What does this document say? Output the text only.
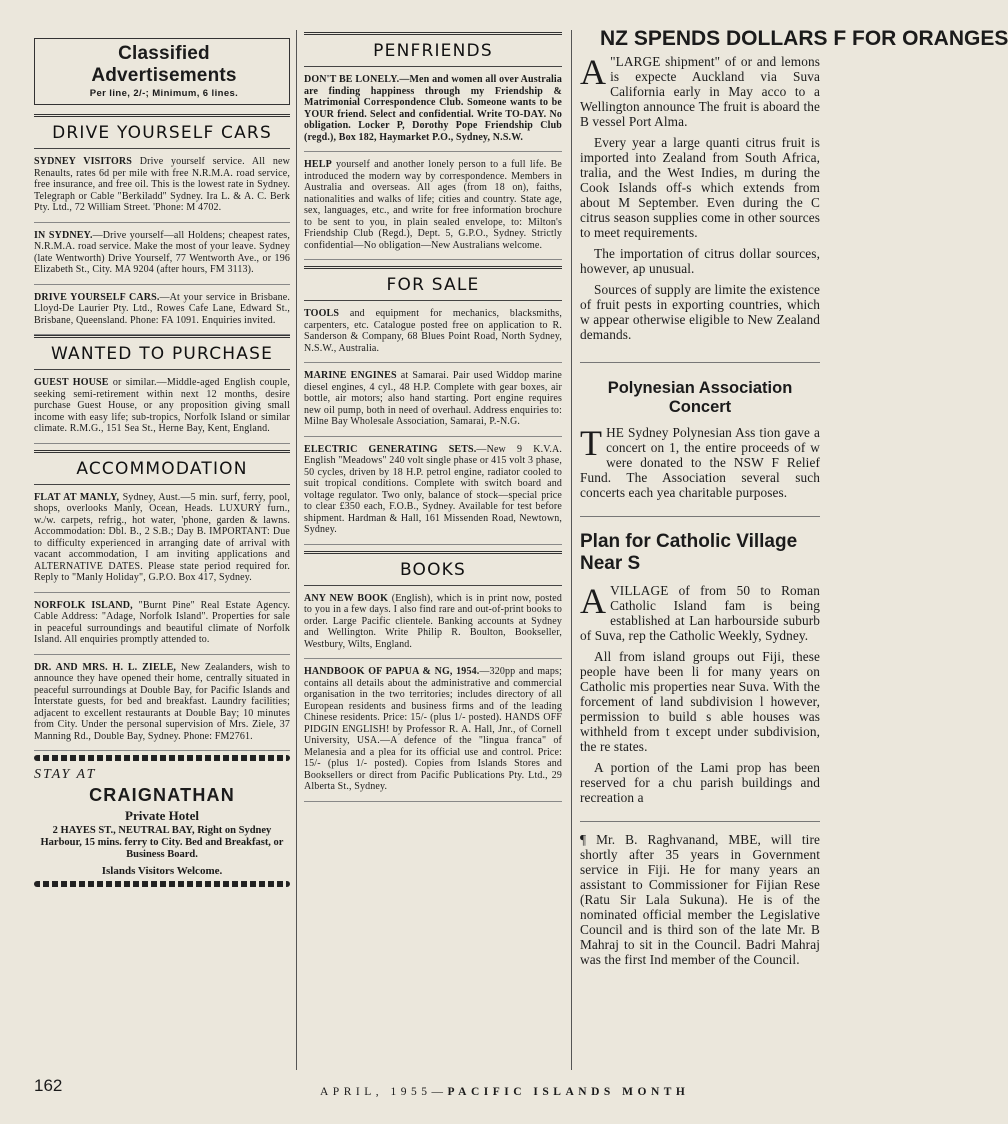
Classified Advertisements
Per line, 2/-; Minimum, 6 lines.
DRIVE YOURSELF CARS

SYDNEY VISITORS Drive yourself service. All new Renaults, rates 6d per mile with free N.R.M.A. road service, free insurance, and free oil. This is the lowest rate in Sydney. Telegraph or Cable "Berkiladd" Sydney. Ira L. & A. C. Berk Pty. Ltd., 72 William Street. 'Phone: M 4702.

IN SYDNEY.—Drive yourself—all Holdens; cheapest rates, N.R.M.A. road service. Make the most of your leave. Sydney (late Wentworth) Drive Yourself, 77 Wentworth Ave., or 196 Elizabeth St., City. MA 9204 (after hours, FM 3113).

DRIVE YOURSELF CARS.—At your service in Brisbane. Lloyd-De Laurier Pty. Ltd., Rowes Cafe Lane, Edward St., Brisbane, Queensland. Phone: FA 1091. Enquiries invited.

WANTED TO PURCHASE

GUEST HOUSE or similar.—Middle-aged English couple, seeking semi-retirement within next 12 months, desire purchase Guest House, or any proposition giving small income with easy life; sub-tropics, Norfolk Island or similar climate. R.M.G., 151 Sea St., Herne Bay, Kent, England.

ACCOMMODATION

FLAT AT MANLY, Sydney, Aust.—5 min. surf, ferry, pool, shops, overlooks Manly, Ocean, Heads. LUXURY furn., w./w. carpets, refrig., hot water, 'phone, garden & lawns. Accommodation: Dbl. B., 2 S.B.; Day B. IMPORTANT: Due to difficulty experienced in arranging date of arrival with vacant accommodation, I am inviting applications and ALTERNATIVE DATES. Please state period required for. Reply to "Manly Holiday", G.P.O. Box 417, Sydney.

NORFOLK ISLAND, "Burnt Pine" Real Estate Agency. Cable Address: "Adage, Norfolk Island". Properties for sale in peaceful surroundings and beautiful climate of Norfolk Island. All enquiries promptly attended to.

DR. AND MRS. H. L. ZIELE, New Zealanders, wish to announce they have opened their home, centrally situated in peaceful surroundings at Double Bay, for Pacific Islands and Interstate guests, for bed and breakfast. Laundry facilities; adjacent to excellent restaurants at Double Bay; 10 minutes from City. Under the personal supervision of Mrs. Ziele, 37 Manning Rd., Double Bay, Sydney. Phone: FM2761.

STAY AT
CRAIGNATHAN
Private Hotel
2 HAYES ST., NEUTRAL BAY, Right on Sydney Harbour, 15 mins. ferry to City. Bed and Breakfast, or Business Board.
Islands Visitors Welcome.
PENFRIENDS

DON'T BE LONELY.—Men and women all over Australia are finding happiness through my Friendship & Matrimonial Correspondence Club. Someone wants to be YOUR friend. Select and confidential. Write TO-DAY. No obligation. Locker P, Dorothy Pope Friendship Club (regd.), Box 182, Haymarket P.O., Sydney, N.S.W.

HELP yourself and another lonely person to a full life. Be introduced the modern way by correspondence. Members in Australia and overseas. All ages (from 18 on), faiths, nationalities and walks of life; cities and country. State age, sex, languages, etc., and write for free information brochure to be sent to you, in plain sealed envelope, to: Milton's Friendship Club (Regd.), Dept. 5, G.P.O., Sydney. Strictly confidential—No obligation—New Australians welcome.

FOR SALE

TOOLS and equipment for mechanics, blacksmiths, carpenters, etc. Catalogue posted free on application to R. Sanderson & Company, 68 Blues Point Road, North Sydney, N.S.W., Australia.

MARINE ENGINES at Samarai. Pair used Widdop marine diesel engines, 4 cyl., 48 H.P. Complete with gear boxes, air bottle, air motors; also hand starting. Port engine requires new oil pump, both in need of overhaul. Address enquiries to: Milne Bay Wholesale Association, Samarai, P.-N.G.

ELECTRIC GENERATING SETS.—New 9 K.V.A. English "Meadows" 240 volt single phase or 415 volt 3 phase, 50 cycles, driven by 18 H.P. petrol engine, radiator cooled to suit tropical conditions. Complete with switch board and voltage regulator. Two only, balance of stock—special price to clear £350 each, F.O.B., Sydney. Available for test before shipment. Hardman & Hall, 161 Missenden Road, Newtown, Sydney.

BOOKS

ANY NEW BOOK (English), which is in print now, posted to you in a few days. I also find rare and out-of-print books to order. Large Pacific clientele. Banking accounts at Sydney and Wellington. Write Philip R. Boulton, Bookseller, Westbury, Wilts, England.

HANDBOOK OF PAPUA & NG, 1954.—320pp and maps; contains all details about the administrative and commercial organisation in the two territories; includes directory of all European residents and business firms and of the leading Chinese residents. Price: 15/- (plus 1/- posted). HANDS OFF PIDGIN ENGLISH! by Professor R. A. Hall, Jnr., of Cornell University, USA.—A defence of the "lingua franca" of Melanesia and a plea for its official use and control. Price: 15/- (plus 1/- posted). Copies from Islands Stores and Booksellers or direct from Pacific Publications Pty. Ltd., 29 Alberta St., Sydney.

NZ SPENDS DOLLARS F FOR ORANGES

A "LARGE shipment" of or and lemons is expecte Auckland via Suva California early in May acco to a Wellington announce The fruit is aboard the B vessel Port Alma.

Every year a large quanti citrus fruit is imported into Zealand from South Africa, tralia, and the West Indies, m during the Cook Islands off-s which extends from about M September. Even during the C citrus season supplies come in other sources to meet requirements.

The importation of citrus dollar sources, however, ap unusual.

Sources of supply are limite the existence of fruit pests in exporting countries, which w appear otherwise eligible to New Zealand demands.

Polynesian Association Concert

THE Sydney Polynesian Ass tion gave a concert on 1, the entire proceeds of w were donated to the NSW F Relief Fund. The Association several such concerts each yea charitable purposes.

Plan for Catholic Village Near S

AVILLAGE of from 50 to Roman Catholic Island fam is being established at Lan harbourside suburb of Suva, rep the Catholic Weekly, Sydney.

All from island groups out Fiji, these people have been li for many years on Catholic mis properties near Suva. With the forcement of land subdivision l however, permission to build s able houses was withheld from t except under subdivision, the re states.

A portion of the Lami prop has been reserved for a chu parish buildings and recreation a

¶ Mr. B. Raghvanand, MBE, will tire shortly after 35 years in Government service in Fiji. He for many years an assistant to Commissioner for Fijian Rese (Ratu Sir Lala Sukuna). He is of the nominated official member the Legislative Council and is third son of the late Mr. B Mahraj to sit in the Council. Badri Mahraj was the first Ind member of the Council.

162	APRIL, 1955—PACIFIC ISLANDS MONTH
